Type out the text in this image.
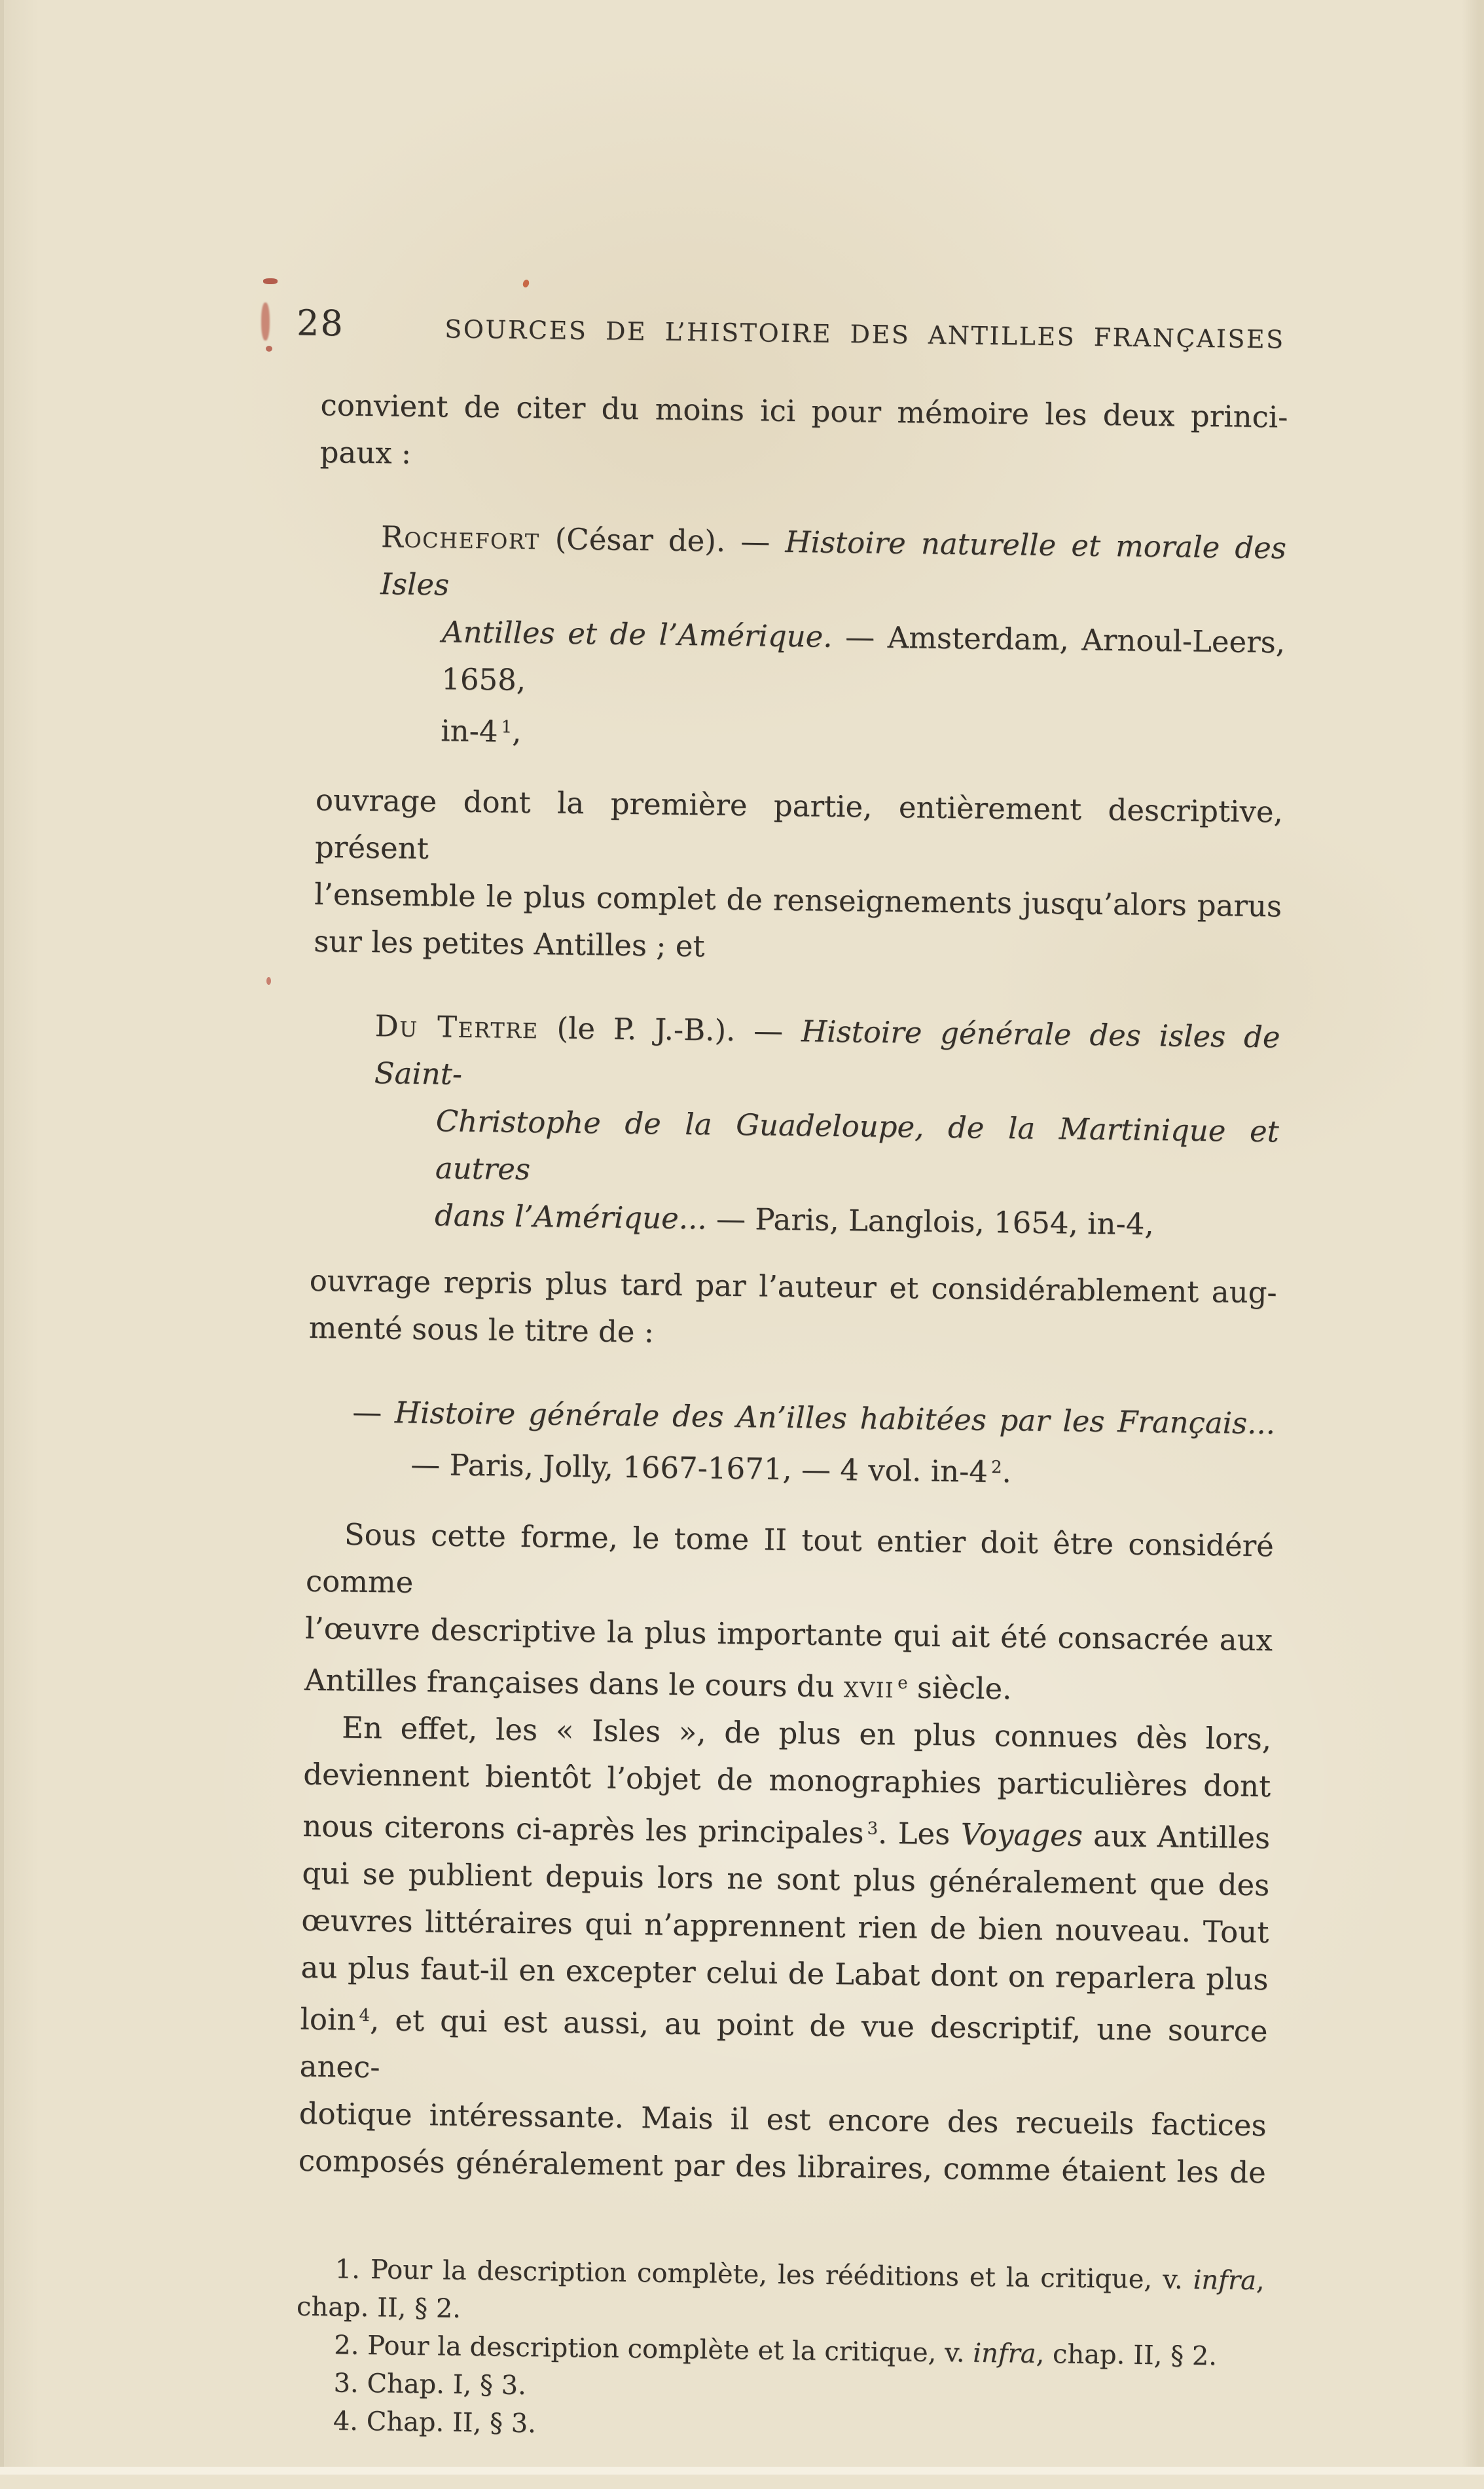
28	SOURCES DE L’HISTOIRE DES ANTILLES FRANÇAISES
convient de citer du moins ici pour mémoire les deux princi-
paux :
Rochefort (César de). — Histoire naturelle et morale des Isles
Antilles et de l’Amérique. — Amsterdam, Arnoul-Leers, 1658,
in-4 $^1$,
ouvrage dont la première partie, entièrement descriptive, présent
l’ensemble le plus complet de renseignements jusqu’alors parus
sur les petites Antilles ; et
Du Tertre (le P. J.-B.). — Histoire générale des isles de Saint-
Christophe de la Guadeloupe, de la Martinique et autres
dans l’Amérique... — Paris, Langlois, 1654, in-4,
ouvrage repris plus tard par l’auteur et considérablement aug-
menté sous le titre de :
— Histoire générale des An’illes habitées par les Français...
— Paris, Jolly, 1667-1671, — 4 vol. in-4 $^2$.
Sous cette forme, le tome II tout entier doit être considéré comme
l’œuvre descriptive la plus importante qui ait été consacrée aux
Antilles françaises dans le cours du xvii $^e$ siècle.
En effet, les « Isles », de plus en plus connues dès lors,
deviennent bientôt l’objet de monographies particulières dont
nous citerons ci-après les principales $^3$. Les Voyages aux Antilles
qui se publient depuis lors ne sont plus généralement que des
œuvres littéraires qui n’apprennent rien de bien nouveau. Tout
au plus faut-il en excepter celui de Labat dont on reparlera plus
loin $^4$, et qui est aussi, au point de vue descriptif, une source anec-
dotique intéressante. Mais il est encore des recueils factices
composés généralement par des libraires, comme étaient les de
1. Pour la description complète, les rééditions et la critique, v. infra,
chap. II, § 2.
2. Pour la description complète et la critique, v. infra, chap. II, § 2.
3. Chap. I, § 3.
4. Chap. II, § 3.
